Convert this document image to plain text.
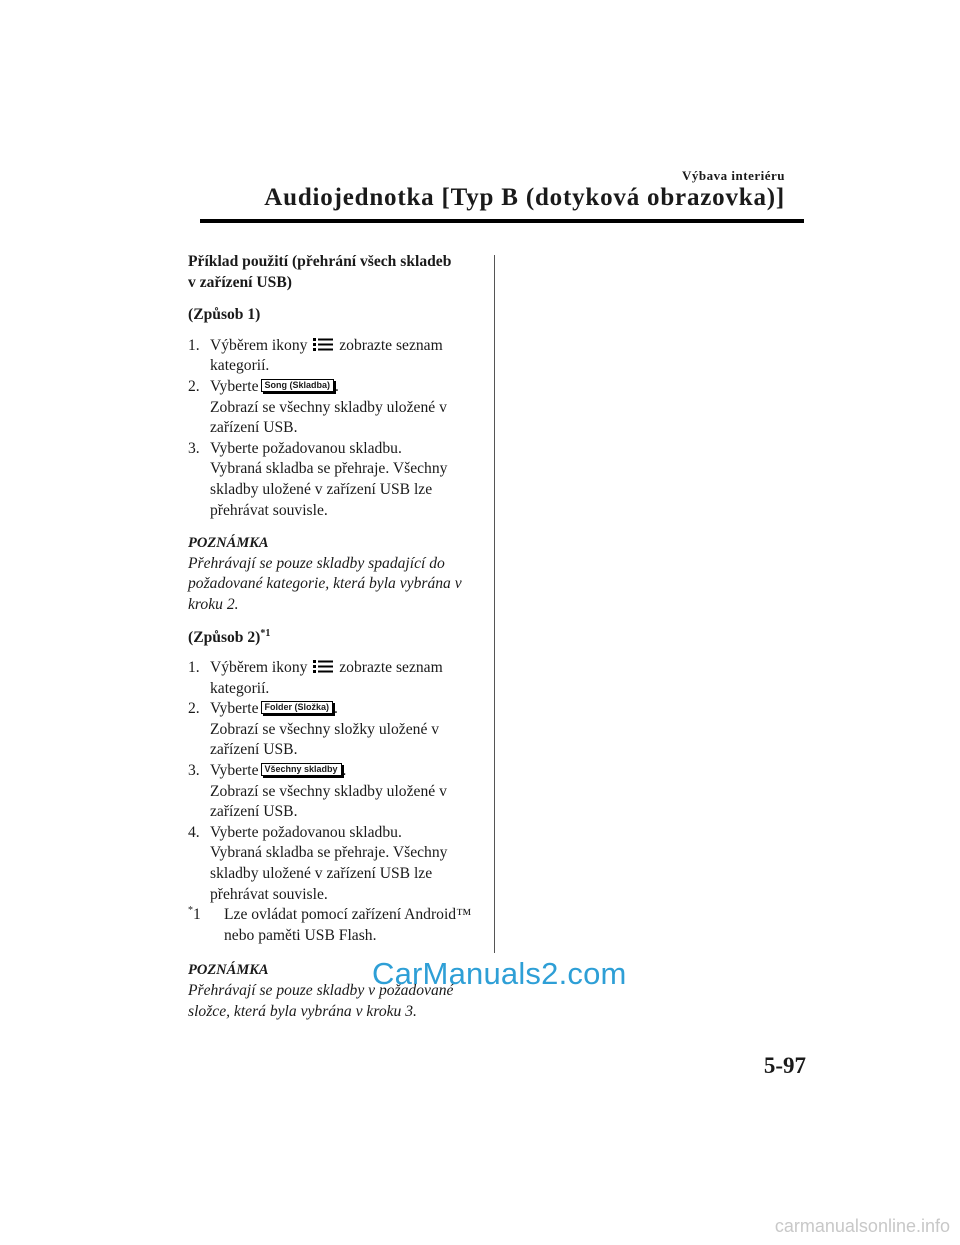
Výbava interiéru
Audiojednotka [Typ B (dotyková obrazovka)]

Příklad použití (přehrání všech skladeb
v zařízení USB)

(Způsob 1)

1. Výběrem ikony zobrazte seznam kategorií.
2. Vyberte Song (Skladba) .
Zobrazí se všechny skladby uložené v zařízení USB.
3. Vyberte požadovanou skladbu.
Vybraná skladba se přehraje. Všechny skladby uložené v zařízení USB lze přehrávat souvisle.

POZNÁMKA

Přehrávají se pouze skladby spadající do požadované kategorie, která byla vybrána v kroku 2.

(Způsob 2)$^{*1}$

1. Výběrem ikony zobrazte seznam kategorií.
2. Vyberte Folder (Složka) .
Zobrazí se všechny složky uložené v zařízení USB.
3. Vyberte Všechny skladby .
Zobrazí se všechny skladby uložené v zařízení USB.
4. Vyberte požadovanou skladbu.
Vybraná skladba se přehraje. Všechny skladby uložené v zařízení USB lze přehrávat souvisle.

*1 Lze ovládat pomocí zařízení Android™ nebo paměti USB Flash.

POZNÁMKA

Přehrávají se pouze skladby v požadované složce, která byla vybrána v kroku 3.

CarManuals2.com
5-97
carmanualsonline.info
